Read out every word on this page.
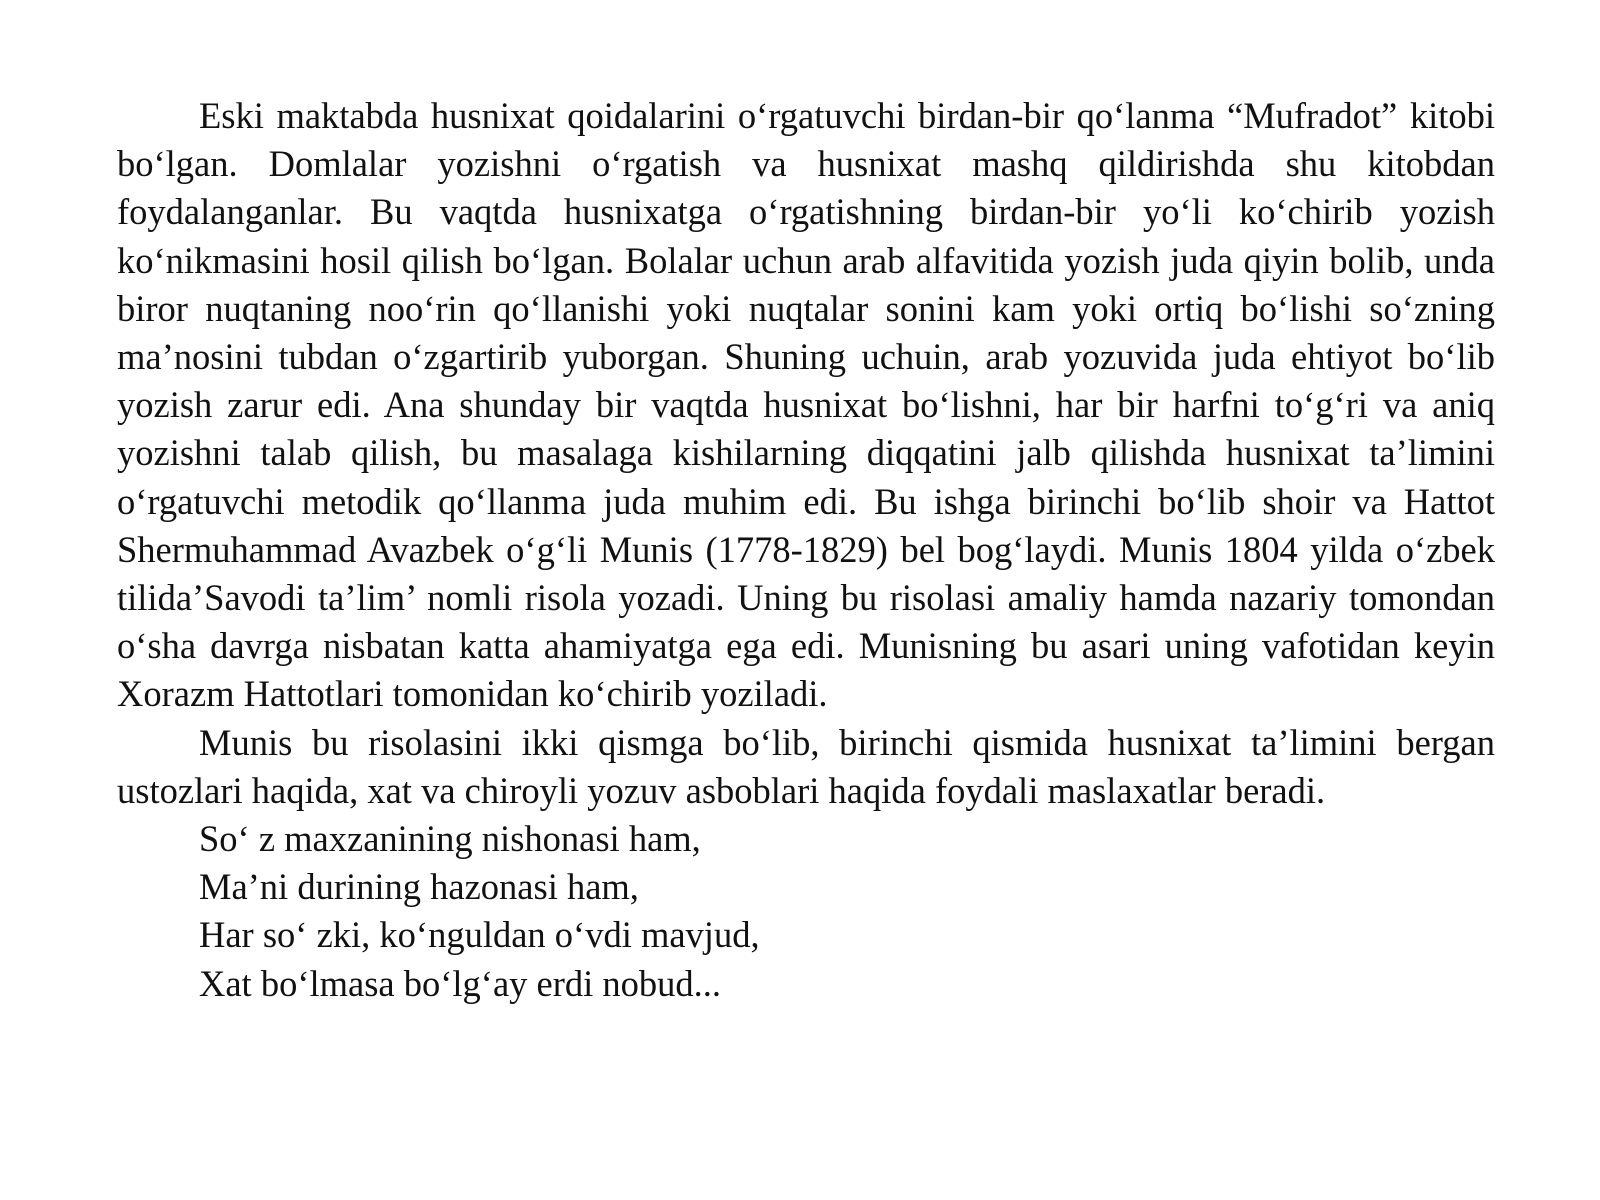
Eski maktabda husnixat qoidalarini oʻrgatuvchi birdan-bir qoʻlanma “Mufradot” kitobi boʻlgan. Domlalar yozishni oʻrgatish va husnixat mashq qildirishda shu kitobdan foydalanganlar. Bu vaqtda husnixatga oʻrgatishning birdan-bir yoʻli koʻchirib yozish koʻnikmasini hosil qilish boʻlgan. Bolalar uchun arab alfavitida yozish juda qiyin bolib, unda biror nuqtaning nooʻrin qoʻllanishi yoki nuqtalar sonini kam yoki ortiq boʻlishi soʻzning maʼnosini tubdan oʻzgartirib yuborgan. Shuning uchuin, arab yozuvida juda ehtiyot boʻlib yozish zarur edi. Ana shunday bir vaqtda husnixat boʻlishni, har bir harfni toʻgʻri va aniq yozishni talab qilish, bu masalaga kishilarning diqqatini jalb qilishda husnixat taʼlimini oʻrgatuvchi metodik qoʻllanma juda muhim edi. Bu ishga birinchi boʻlib shoir va Hattot Shermuhammad Avazbek oʻgʻli Munis (1778-1829) bel bogʻlaydi. Munis 1804 yilda oʻzbek tilida’Savodi taʼlim’ nomli risola yozadi. Uning bu risolasi amaliy hamda nazariy tomondan oʻsha davrga nisbatan katta ahamiyatga ega edi. Munisning bu asari uning vafotidan keyin Xorazm Hattotlari tomonidan koʻchirib yoziladi.

Munis bu risolasini ikki qismga boʻlib, birinchi qismida husnixat taʼlimini bergan ustozlari haqida, xat va chiroyli yozuv asboblari haqida foydali maslaxatlar beradi.

Soʻ z maxzanining nishonasi ham,

Maʼni durining hazonasi ham,

Har soʻ zki, koʻnguldan oʻvdi mavjud,

Xat boʻlmasa boʻlgʻay erdi nobud...
